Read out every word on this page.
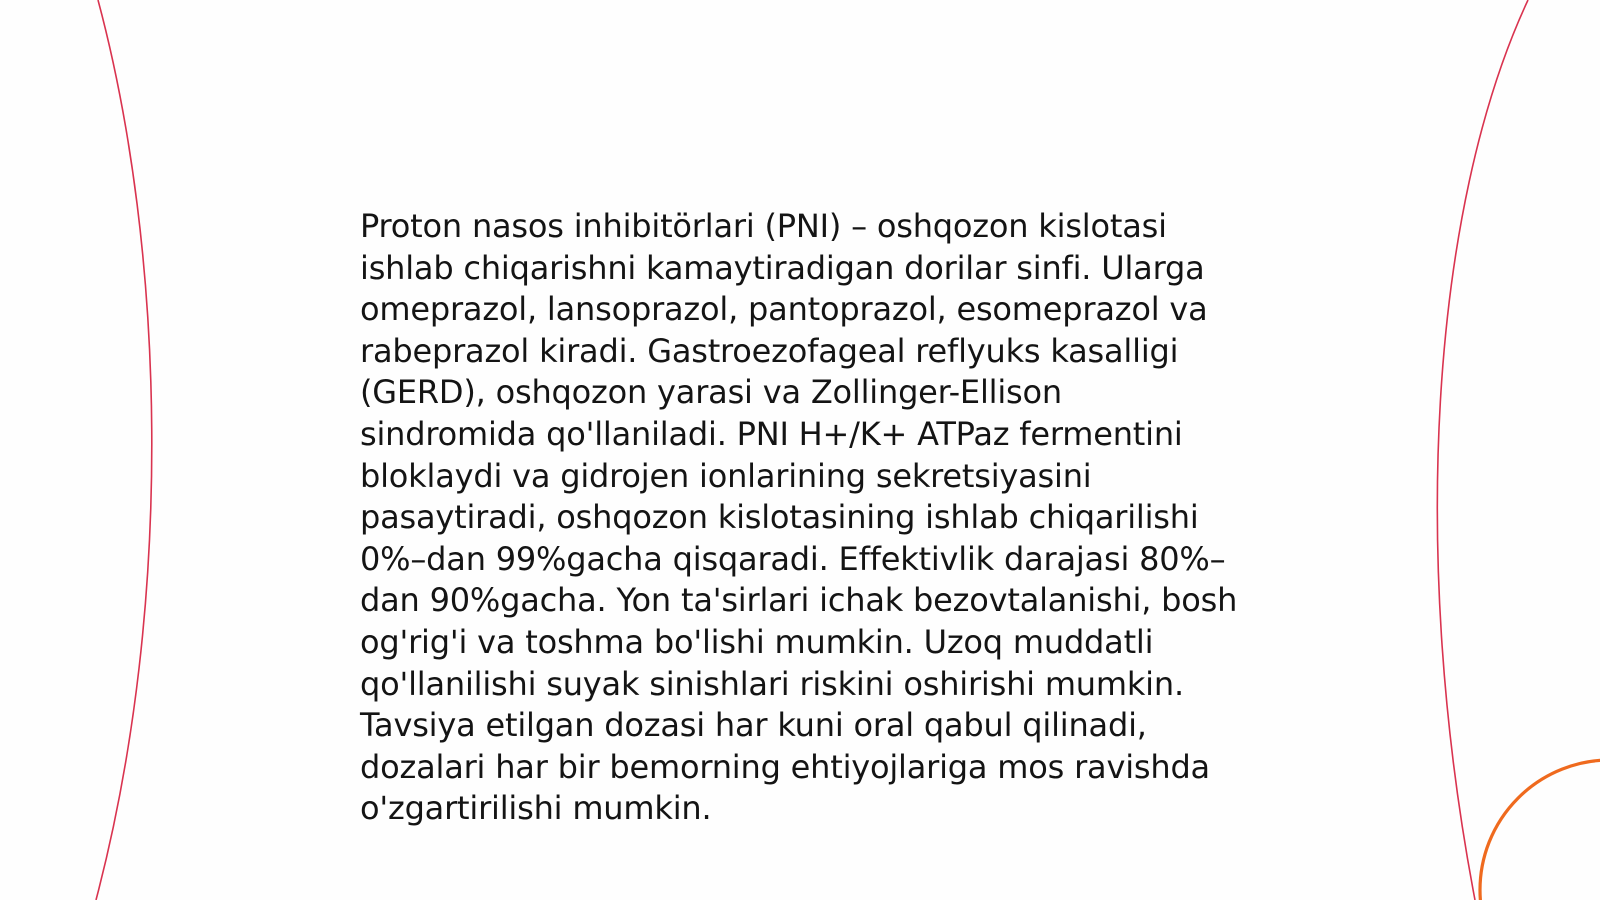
Proton nasos inhibitörlari (PNI) – oshqozon kislotasi ishlab chiqarishni kamaytiradigan dorilar sinfi. Ularga omeprazol, lansoprazol, pantoprazol, esomeprazol va rabeprazol kiradi. Gastroezofageal reflyuks kasalligi (GERD), oshqozon yarasi va Zollinger-Ellison sindromida qo'llaniladi. PNI H+/K+ ATPaz fermentini bloklaydi va gidrojen ionlarining sekretsiyasini pasaytiradi, oshqozon kislotasining ishlab chiqarilishi 0%–dan 99%gacha qisqaradi. Effektivlik darajasi 80%–dan 90%gacha. Yon ta'sirlari ichak bezovtalanishi, bosh og'rig'i va toshma bo'lishi mumkin. Uzoq muddatli qo'llanilishi suyak sinishlari riskini oshirishi mumkin. Tavsiya etilgan dozasi har kuni oral qabul qilinadi, dozalari har bir bemorning ehtiyojlariga mos ravishda o'zgartirilishi mumkin.
